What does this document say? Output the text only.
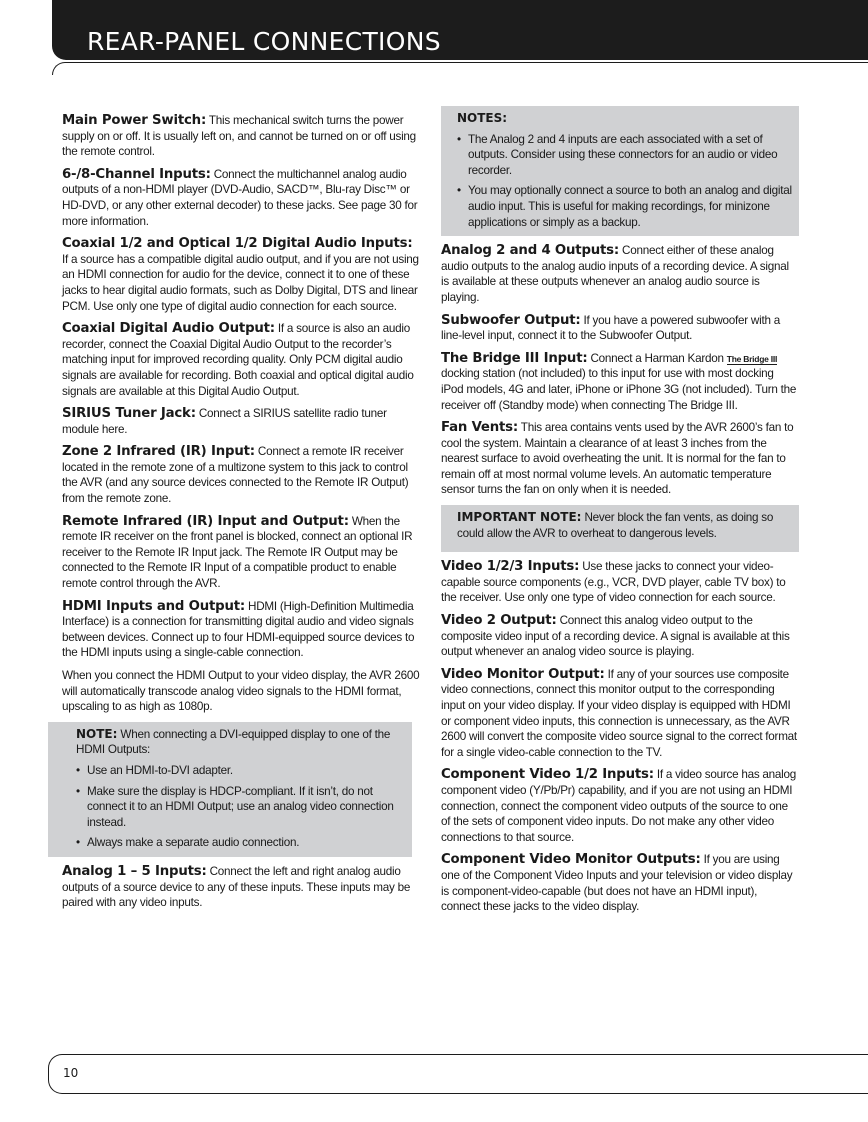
REAR-PANEL CONNECTIONS

Main Power Switch: This mechanical switch turns the power supply on or off. It is usually left on, and cannot be turned on or off using the remote control.

6-/8-Channel Inputs: Connect the multichannel analog audio outputs of a non-HDMI player (DVD-Audio, SACD™, Blu-ray Disc™ or HD-DVD, or any other external decoder) to these jacks. See page 30 for more information.

Coaxial 1/2 and Optical 1/2 Digital Audio Inputs: If a source has a compatible digital audio output, and if you are not using an HDMI connection for audio for the device, connect it to one of these jacks to hear digital audio formats, such as Dolby Digital, DTS and linear PCM. Use only one type of digital audio connection for each source.

Coaxial Digital Audio Output: If a source is also an audio recorder, connect the Coaxial Digital Audio Output to the recorder’s matching input for improved recording quality. Only PCM digital audio signals are available for recording. Both coaxial and optical digital audio signals are available at this Digital Audio Output.

SIRIUS Tuner Jack: Connect a SIRIUS satellite radio tuner module here.

Zone 2 Infrared (IR) Input: Connect a remote IR receiver located in the remote zone of a multizone system to this jack to control the AVR (and any source devices connected to the Remote IR Output) from the remote zone.

Remote Infrared (IR) Input and Output: When the remote IR receiver on the front panel is blocked, connect an optional IR receiver to the Remote IR Input jack. The Remote IR Output may be connected to the Remote IR Input of a compatible product to enable remote control through the AVR.

HDMI Inputs and Output: HDMI (High-Definition Multimedia Interface) is a connection for transmitting digital audio and video signals between devices. Connect up to four HDMI-equipped source devices to the HDMI inputs using a single-cable connection.

When you connect the HDMI Output to your video display, the AVR 2600 will automatically transcode analog video signals to the HDMI format, upscaling to as high as 1080p.

NOTE: When connecting a DVI-equipped display to one of the HDMI Outputs:

• Use an HDMI-to-DVI adapter.
• Make sure the display is HDCP-compliant. If it isn’t, do not connect it to an HDMI Output; use an analog video connection instead.
• Always make a separate audio connection.

Analog 1 – 5 Inputs: Connect the left and right analog audio outputs of a source device to any of these inputs. These inputs may be paired with any video inputs.

NOTES:

• The Analog 2 and 4 inputs are each associated with a set of outputs. Consider using these connectors for an audio or video recorder.
• You may optionally connect a source to both an analog and digital audio input. This is useful for making recordings, for minizone applications or simply as a backup.

Analog 2 and 4 Outputs: Connect either of these analog audio outputs to the analog audio inputs of a recording device. A signal is available at these outputs whenever an analog audio source is playing.

Subwoofer Output: If you have a powered subwoofer with a line-level input, connect it to the Subwoofer Output.

The Bridge III Input: Connect a Harman Kardon The Bridge III docking station (not included) to this input for use with most docking iPod models, 4G and later, iPhone or iPhone 3G (not included). Turn the receiver off (Standby mode) when connecting The Bridge III.

Fan Vents: This area contains vents used by the AVR 2600’s fan to cool the system. Maintain a clearance of at least 3 inches from the nearest surface to avoid overheating the unit. It is normal for the fan to remain off at most normal volume levels. An automatic temperature sensor turns the fan on only when it is needed.

IMPORTANT NOTE: Never block the fan vents, as doing so could allow the AVR to overheat to dangerous levels.

Video 1/2/3 Inputs: Use these jacks to connect your video-capable source components (e.g., VCR, DVD player, cable TV box) to the receiver. Use only one type of video connection for each source.

Video 2 Output: Connect this analog video output to the composite video input of a recording device. A signal is available at this output whenever an analog video source is playing.

Video Monitor Output: If any of your sources use composite video connections, connect this monitor output to the corresponding input on your video display. If your video display is equipped with HDMI or component video inputs, this connection is unnecessary, as the AVR 2600 will convert the composite video source signal to the correct format for a single video-cable connection to the TV.

Component Video 1/2 Inputs: If a video source has analog component video (Y/Pb/Pr) capability, and if you are not using an HDMI connection, connect the component video outputs of the source to one of the sets of component video inputs. Do not make any other video connections to that source.

Component Video Monitor Outputs: If you are using one of the Component Video Inputs and your television or video display is component-video-capable (but does not have an HDMI input), connect these jacks to the video display.

10
